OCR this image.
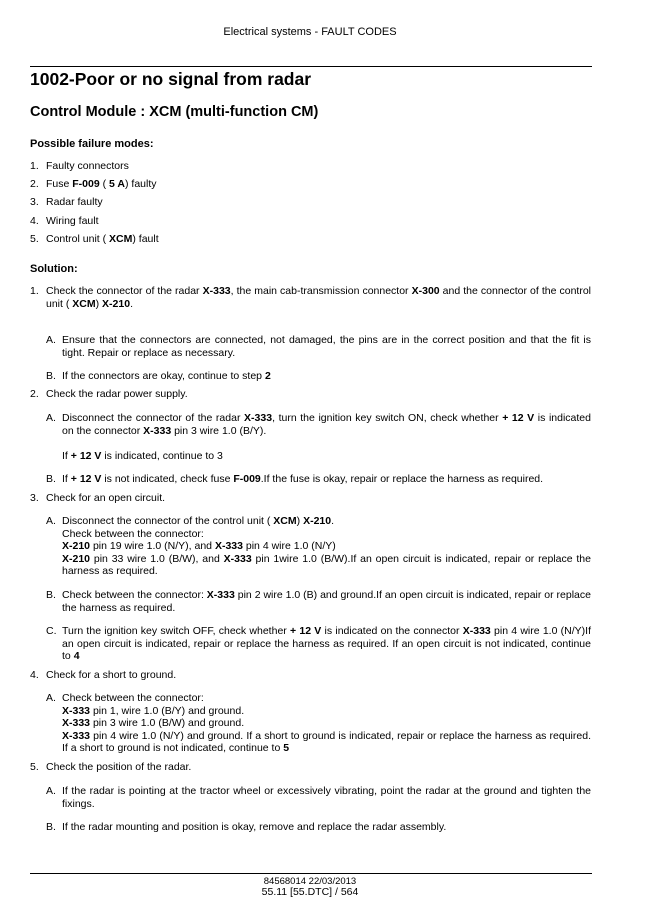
Electrical systems - FAULT CODES
1002-Poor or no signal from radar
Control Module : XCM (multi-function CM)
Possible failure modes:
1. Faulty connectors
2. Fuse F-009 ( 5 A) faulty
3. Radar faulty
4. Wiring fault
5. Control unit ( XCM) fault
Solution:
1. Check the connector of the radar X-333, the main cab-transmission connector X-300 and the connector of the control unit ( XCM) X-210.
A. Ensure that the connectors are connected, not damaged, the pins are in the correct position and that the fit is tight. Repair or replace as necessary.
B. If the connectors are okay, continue to step 2
2. Check the radar power supply.
A. Disconnect the connector of the radar X-333, turn the ignition key switch ON, check whether + 12 V is indicated on the connector X-333 pin 3 wire 1.0 (B/Y).
If + 12 V is indicated, continue to 3
B. If + 12 V is not indicated, check fuse F-009.If the fuse is okay, repair or replace the harness as required.
3. Check for an open circuit.
A. Disconnect the connector of the control unit ( XCM) X-210.
Check between the connector:
X-210 pin 19 wire 1.0 (N/Y), and X-333 pin 4 wire 1.0 (N/Y)
X-210 pin 33 wire 1.0 (B/W), and X-333 pin 1wire 1.0 (B/W).If an open circuit is indicated, repair or replace the harness as required.
B. Check between the connector: X-333 pin 2 wire 1.0 (B) and ground.If an open circuit is indicated, repair or replace the harness as required.
C. Turn the ignition key switch OFF, check whether + 12 V is indicated on the connector X-333 pin 4 wire 1.0 (N/Y)If an open circuit is indicated, repair or replace the harness as required. If an open circuit is not indicated, continue to 4
4. Check for a short to ground.
A. Check between the connector:
X-333 pin 1, wire 1.0 (B/Y) and ground.
X-333 pin 3 wire 1.0 (B/W) and ground.
X-333 pin 4 wire 1.0 (N/Y) and ground. If a short to ground is indicated, repair or replace the harness as required. If a short to ground is not indicated, continue to 5
5. Check the position of the radar.
A. If the radar is pointing at the tractor wheel or excessively vibrating, point the radar at the ground and tighten the fixings.
B. If the radar mounting and position is okay, remove and replace the radar assembly.
84568014 22/03/2013
55.11 [55.DTC] / 564
